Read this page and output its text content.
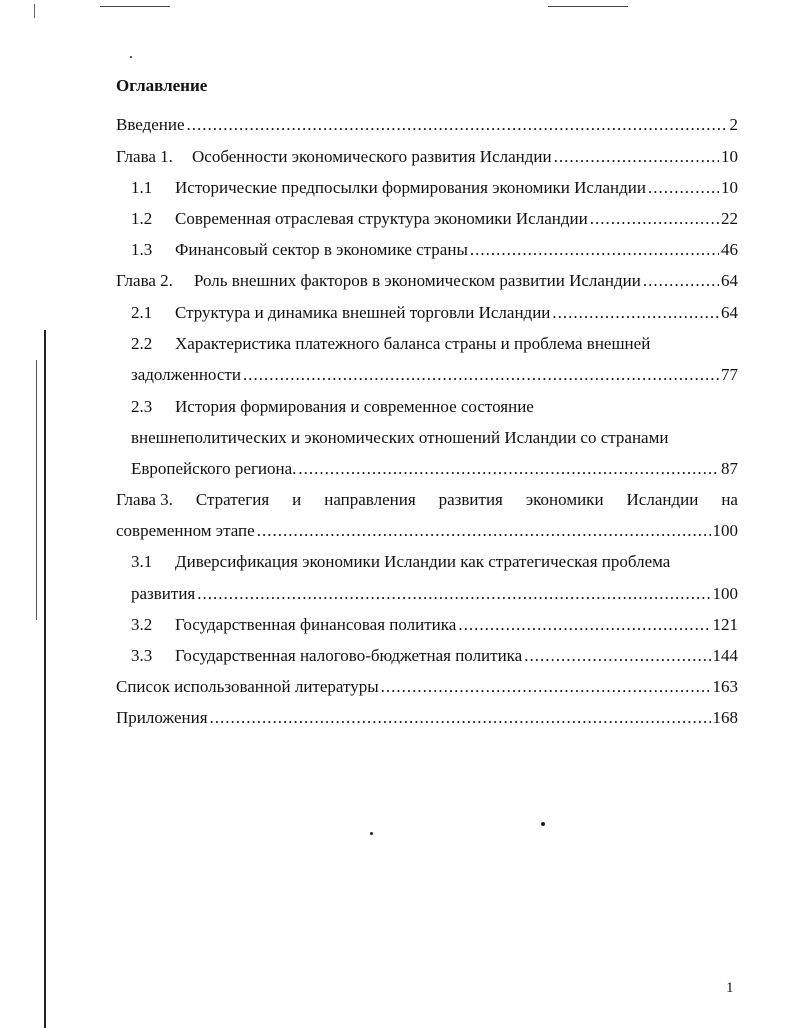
Оглавление
Введение .....	2
Глава 1.	Особенности экономического развития Исландии .....	10
1.1	Исторические предпосылки формирования экономики Исландии .....	10
1.2	Современная отраслевая структура экономики Исландии .....	22
1.3	Финансовый сектор в экономике страны .....	46
Глава 2.	Роль внешних факторов в экономическом развитии Исландии .....	64
2.1	Структура и динамика внешней торговли Исландии .....	64
2.2 Характеристика платежного баланса страны и проблема внешней
задолженности .....	77
2.3 История формирования и современное состояние
внешнеполитических и экономических отношений Исландии со странами
Европейского региона. .....	87
Глава 3. Стратегия и направления развития экономики Исландии на
современном этапе .....	100
3.1 Диверсификация экономики Исландии как стратегическая проблема
развития .....	100
3.2	Государственная финансовая политика .....	121
3.3	Государственная налогово-бюджетная политика .....	144
Список использованной литературы .....	163
Приложения .....	168
1
